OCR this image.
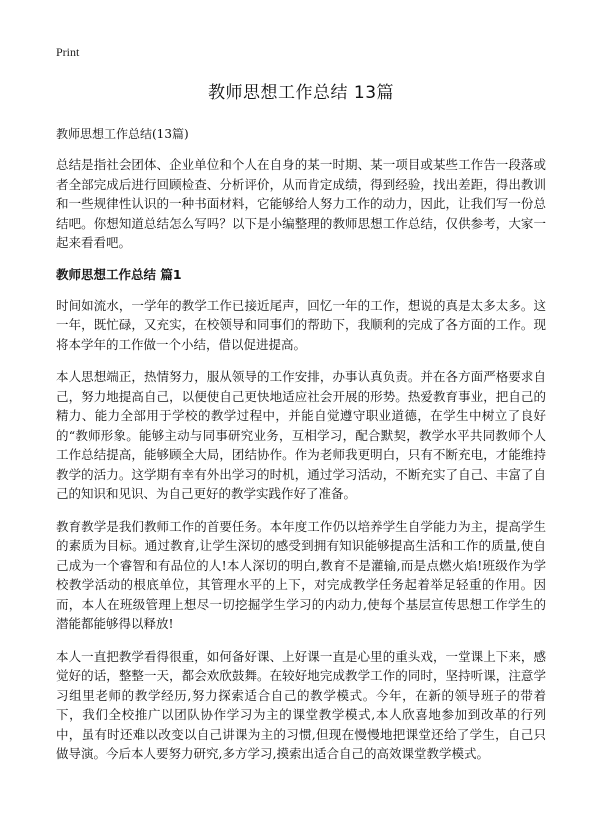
Print
教师思想工作总结 13篇

教师思想工作总结(13篇)

总结是指社会团体、企业单位和个人在自身的某一时期、某一项目或某些工作告一段落或者全部完成后进行回顾检查、分析评价，从而肯定成绩，得到经验，找出差距，得出教训和一些规律性认识的一种书面材料，它能够给人努力工作的动力，因此，让我们写一份总结吧。你想知道总结怎么写吗？以下是小编整理的教师思想工作总结，仅供参考，大家一起来看看吧。

教师思想工作总结 篇1

时间如流水，一学年的教学工作已接近尾声，回忆一年的工作，想说的真是太多太多。这一年，既忙碌，又充实，在校领导和同事们的帮助下，我顺利的完成了各方面的工作。现将本学年的工作做一个小结，借以促进提高。

本人思想端正，热情努力，服从领导的工作安排，办事认真负责。并在各方面严格要求自己，努力地提高自己，以便使自己更快地适应社会开展的形势。热爱教育事业，把自己的精力、能力全部用于学校的教学过程中，并能自觉遵守职业道德，在学生中树立了良好的“教师形象。能够主动与同事研究业务，互相学习，配合默契，教学水平共同教师个人工作总结提高，能够顾全大局，团结协作。作为老师我更明白，只有不断充电，才能维持教学的活力。这学期有幸有外出学习的时机，通过学习活动，不断充实了自己、丰富了自己的知识和见识、为自己更好的教学实践作好了准备。

教育教学是我们教师工作的首要任务。本年度工作仍以培养学生自学能力为主，提高学生的素质为目标。通过教育,让学生深切的感受到拥有知识能够提高生活和工作的质量,使自己成为一个睿智和有品位的人!本人深切的明白,教育不是灌输,而是点燃火焰!班级作为学校教学活动的根底单位，其管理水平的上下，对完成教学任务起着举足轻重的作用。因而，本人在班级管理上想尽一切挖掘学生学习的内动力,使每个基层宣传思想工作学生的潜能都能够得以释放!

本人一直把教学看得很重，如何备好课、上好课一直是心里的重头戏，一堂课上下来，感觉好的话，整整一天，都会欢欣鼓舞。在较好地完成教学工作的同时，坚持听课，注意学习组里老师的教学经历,努力探索适合自己的教学模式。今年，在新的领导班子的带着下，我们全校推广以团队协作学习为主的课堂教学模式,本人欣喜地参加到改革的行列中，虽有时还难以改变以自己讲课为主的习惯,但现在慢慢地把课堂还给了学生，自己只做导演。今后本人要努力研究,多方学习,摸索出适合自己的高效课堂教学模式。
